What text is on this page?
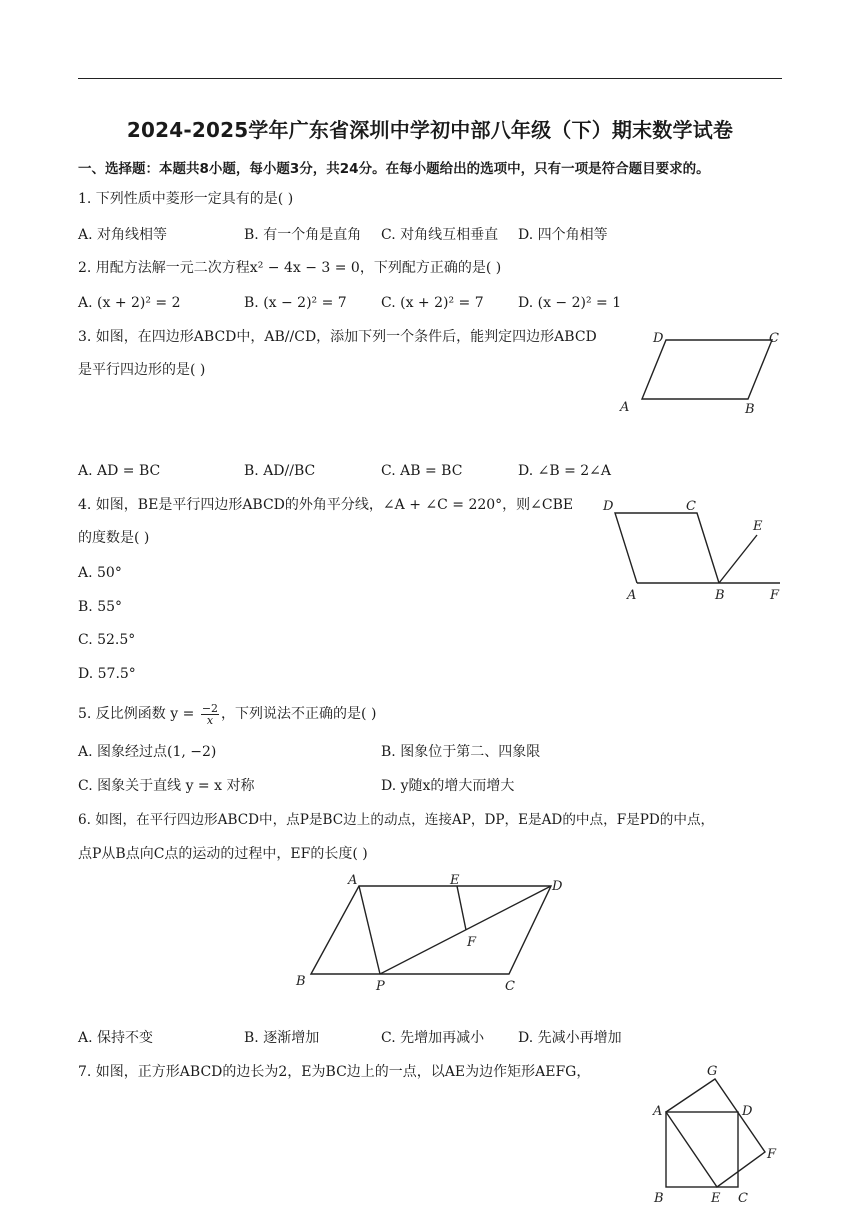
2024-2025学年广东省深圳中学初中部八年级（下）期末数学试卷
一、选择题：本题共8小题，每小题3分，共24分。在每小题给出的选项中，只有一项是符合题目要求的。
1. 下列性质中菱形一定具有的是( )
A. 对角线相等	B. 有一个角是直角 C. 对角线互相垂直 D. 四个角相等
2. 用配方法解一元二次方程x² − 4x − 3 = 0，下列配方正确的是( )
A. (x + 2)² = 2	B. (x − 2)² = 7 C. (x + 2)² = 7 D. (x − 2)² = 1
3. 如图，在四边形ABCD中，AB//CD，添加下列一个条件后，能判定四边形ABCD
是平行四边形的是( )
D	C
A	B
A. AD = BC	B. AD//BC	C. AB = BC	D. ∠B = 2∠A
4. 如图，BE是平行四边形ABCD的外角平分线，∠A + ∠C = 220°，则∠CBE
的度数是( )
A. 50°
B. 55°
C. 52.5°
D. 57.5°
D	C
E
A	B	F
5. 反比例函数 $y = \frac{-2}{x}$ ，下列说法不正确的是( )
A. 图象经过点(1, −2)	B. 图象位于第二、四象限
C. 图象关于直线 y = x 对称	D. y随x的增大而增大
6. 如图，在平行四边形ABCD中，点P是BC边上的动点，连接AP，DP，E是AD的中点，F是PD的中点，
点P从B点向C点的运动的过程中，EF的长度( )
A	E	D
F
B	P	C
A. 保持不变	B. 逐渐增加	C. 先增加再减小 D. 先减小再增加
7. 如图，正方形ABCD的边长为2，E为BC边上的一点，以AE为边作矩形AEFG，	G
A	D
F
B	E C
